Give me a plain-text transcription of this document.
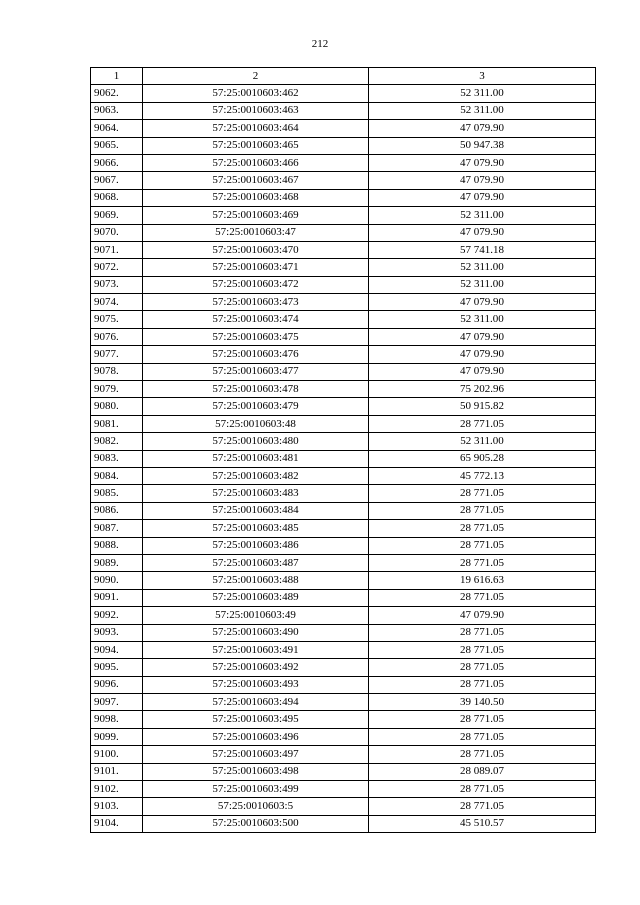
212
1	2	3
9062.	57:25:0010603:462	52 311.00
9063.	57:25:0010603:463	52 311.00
9064.	57:25:0010603:464	47 079.90
9065.	57:25:0010603:465	50 947.38
9066.	57:25:0010603:466	47 079.90
9067.	57:25:0010603:467	47 079.90
9068.	57:25:0010603:468	47 079.90
9069.	57:25:0010603:469	52 311.00
9070.	57:25:0010603:47	47 079.90
9071.	57:25:0010603:470	57 741.18
9072.	57:25:0010603:471	52 311.00
9073.	57:25:0010603:472	52 311.00
9074.	57:25:0010603:473	47 079.90
9075.	57:25:0010603:474	52 311.00
9076.	57:25:0010603:475	47 079.90
9077.	57:25:0010603:476	47 079.90
9078.	57:25:0010603:477	47 079.90
9079.	57:25:0010603:478	75 202.96
9080.	57:25:0010603:479	50 915.82
9081.	57:25:0010603:48	28 771.05
9082.	57:25:0010603:480	52 311.00
9083.	57:25:0010603:481	65 905.28
9084.	57:25:0010603:482	45 772.13
9085.	57:25:0010603:483	28 771.05
9086.	57:25:0010603:484	28 771.05
9087.	57:25:0010603:485	28 771.05
9088.	57:25:0010603:486	28 771.05
9089.	57:25:0010603:487	28 771.05
9090.	57:25:0010603:488	19 616.63
9091.	57:25:0010603:489	28 771.05
9092.	57:25:0010603:49	47 079.90
9093.	57:25:0010603:490	28 771.05
9094.	57:25:0010603:491	28 771.05
9095.	57:25:0010603:492	28 771.05
9096.	57:25:0010603:493	28 771.05
9097.	57:25:0010603:494	39 140.50
9098.	57:25:0010603:495	28 771.05
9099.	57:25:0010603:496	28 771.05
9100.	57:25:0010603:497	28 771.05
9101.	57:25:0010603:498	28 089.07
9102.	57:25:0010603:499	28 771.05
9103.	57:25:0010603:5	28 771.05
9104.	57:25:0010603:500	45 510.57
